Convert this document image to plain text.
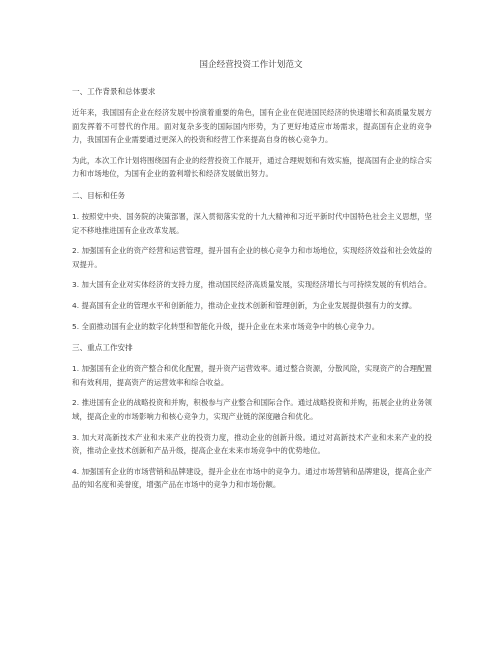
国企经营投资工作计划范文
一、工作背景和总体要求

近年来，我国国有企业在经济发展中扮演着重要的角色，国有企业在促进国民经济的快速增长和高质量发展方面发挥着不可替代的作用。面对复杂多变的国际国内形势，为了更好地适应市场需求，提高国有企业的竞争力，我国国有企业需要通过更深入的投资和经营工作来提高自身的核心竞争力。

为此，本次工作计划将围绕国有企业的经营投资工作展开，通过合理规划和有效实施，提高国有企业的综合实力和市场地位，为国有企业的盈利增长和经济发展做出努力。

二、目标和任务

1. 按照党中央、国务院的决策部署，深入贯彻落实党的十九大精神和习近平新时代中国特色社会主义思想，坚定不移地推进国有企业改革发展。

2. 加强国有企业的资产经营和运营管理，提升国有企业的核心竞争力和市场地位，实现经济效益和社会效益的双提升。

3. 加大国有企业对实体经济的支持力度，推动国民经济高质量发展，实现经济增长与可持续发展的有机结合。

4. 提高国有企业的管理水平和创新能力，推动企业技术创新和管理创新，为企业发展提供强有力的支撑。

5. 全面推动国有企业的数字化转型和智能化升级，提升企业在未来市场竞争中的核心竞争力。

三、重点工作安排

1. 加强国有企业的资产整合和优化配置，提升资产运营效率。通过整合资源，分散风险，实现资产的合理配置和有效利用，提高资产的运营效率和综合收益。

2. 推进国有企业的战略投资和并购，积极参与产业整合和国际合作。通过战略投资和并购，拓展企业的业务领域，提高企业的市场影响力和核心竞争力，实现产业链的深度融合和优化。

3. 加大对高新技术产业和未来产业的投资力度，推动企业的创新升级。通过对高新技术产业和未来产业的投资，推动企业技术创新和产品升级，提高企业在未来市场竞争中的优势地位。

4. 加强国有企业的市场营销和品牌建设，提升企业在市场中的竞争力。通过市场营销和品牌建设，提高企业产品的知名度和美誉度，增强产品在市场中的竞争力和市场份额。
